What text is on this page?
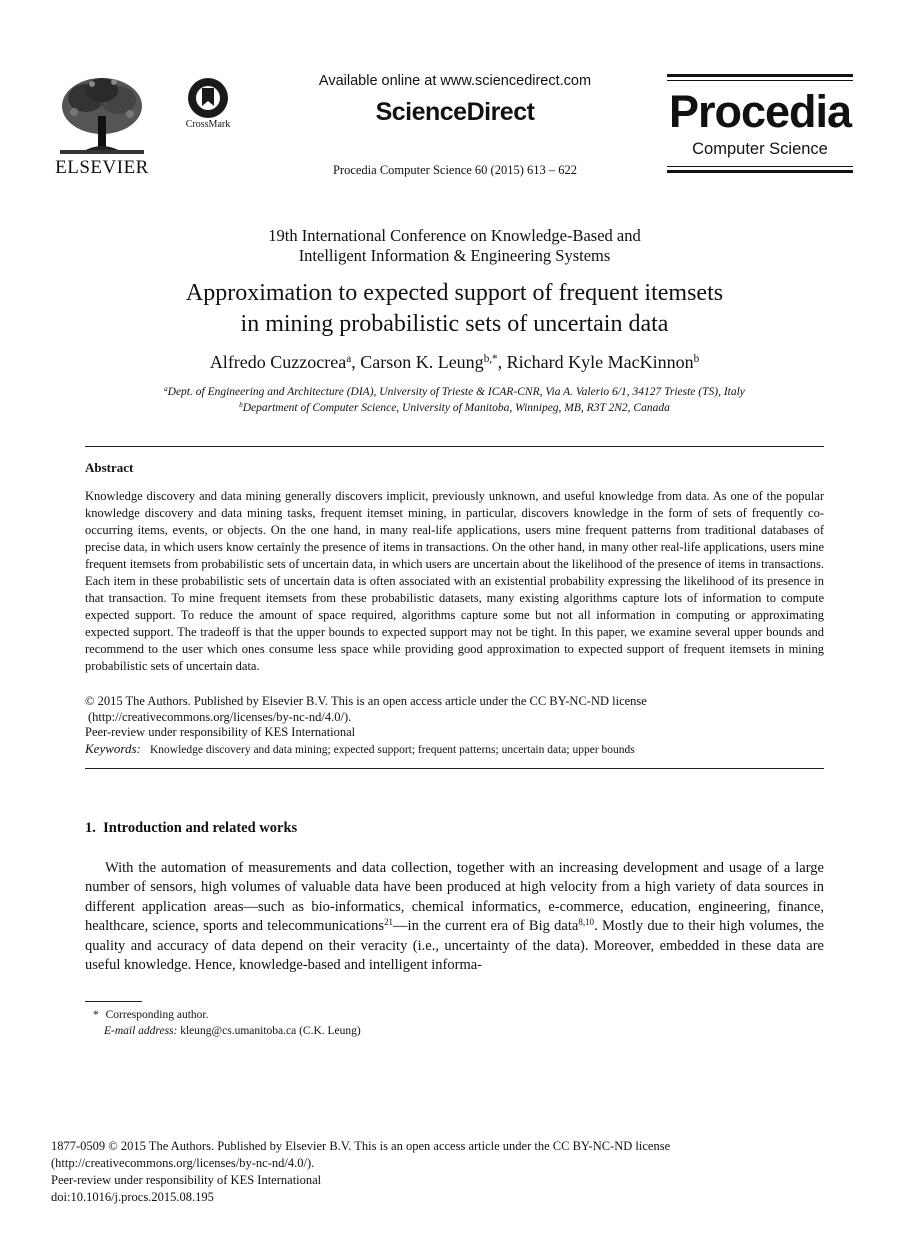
ELSEVIER
CrossMark
Available online at www.sciencedirect.com
ScienceDirect
Procedia Computer Science 60 (2015) 613 – 622
Procedia
Computer Science
19th International Conference on Knowledge-Based and
Intelligent Information & Engineering Systems
Approximation to expected support of frequent itemsets
in mining probabilistic sets of uncertain data
Alfredo Cuzzocrea$^a$, Carson K. Leung$^{b,*}$, Richard Kyle MacKinnon$^b$
$^a$Dept. of Engineering and Architecture (DIA), University of Trieste & ICAR-CNR, Via A. Valerio 6/1, 34127 Trieste (TS), Italy
$^b$Department of Computer Science, University of Manitoba, Winnipeg, MB, R3T 2N2, Canada
Abstract
Knowledge discovery and data mining generally discovers implicit, previously unknown, and useful knowledge from data. As one of the popular knowledge discovery and data mining tasks, frequent itemset mining, in particular, discovers knowledge in the form of sets of frequently co-occurring items, events, or objects. On the one hand, in many real-life applications, users mine frequent patterns from traditional databases of precise data, in which users know certainly the presence of items in transactions. On the other hand, in many other real-life applications, users mine frequent itemsets from probabilistic sets of uncertain data, in which users are uncertain about the likelihood of the presence of items in transactions. Each item in these probabilistic sets of uncertain data is often associated with an existential probability expressing the likelihood of its presence in that transaction. To mine frequent itemsets from these probabilistic datasets, many existing algorithms capture lots of information to compute expected support. To reduce the amount of space required, algorithms capture some but not all information in computing or approximating expected support. The tradeoff is that the upper bounds to expected support may not be tight. In this paper, we examine several upper bounds and recommend to the user which ones consume less space while providing good approximation to expected support of frequent itemsets in mining probabilistic sets of uncertain data.
© 2015 The Authors. Published by Elsevier B.V. This is an open access article under the CC BY-NC-ND license
(http://creativecommons.org/licenses/by-nc-nd/4.0/).
Peer-review under responsibility of KES International
Keywords: Knowledge discovery and data mining; expected support; frequent patterns; uncertain data; upper bounds
1.  Introduction and related works
With the automation of measurements and data collection, together with an increasing development and usage of a large number of sensors, high volumes of valuable data have been produced at high velocity from a high variety of data sources in different application areas—such as bio-informatics, chemical informatics, e-commerce, education, engineering, finance, healthcare, science, sports and telecommunications$^{21}$—in the current era of Big data$^{8,10}$. Mostly due to their high volumes, the quality and accuracy of data depend on their veracity (i.e., uncertainty of the data). Moreover, embedded in these data are useful knowledge. Hence, knowledge-based and intelligent informa-
* Corresponding author.
E-mail address: kleung@cs.umanitoba.ca (C.K. Leung)
1877-0509 © 2015 The Authors. Published by Elsevier B.V. This is an open access article under the CC BY-NC-ND license
(http://creativecommons.org/licenses/by-nc-nd/4.0/).
Peer-review under responsibility of KES International
doi:10.1016/j.procs.2015.08.195
